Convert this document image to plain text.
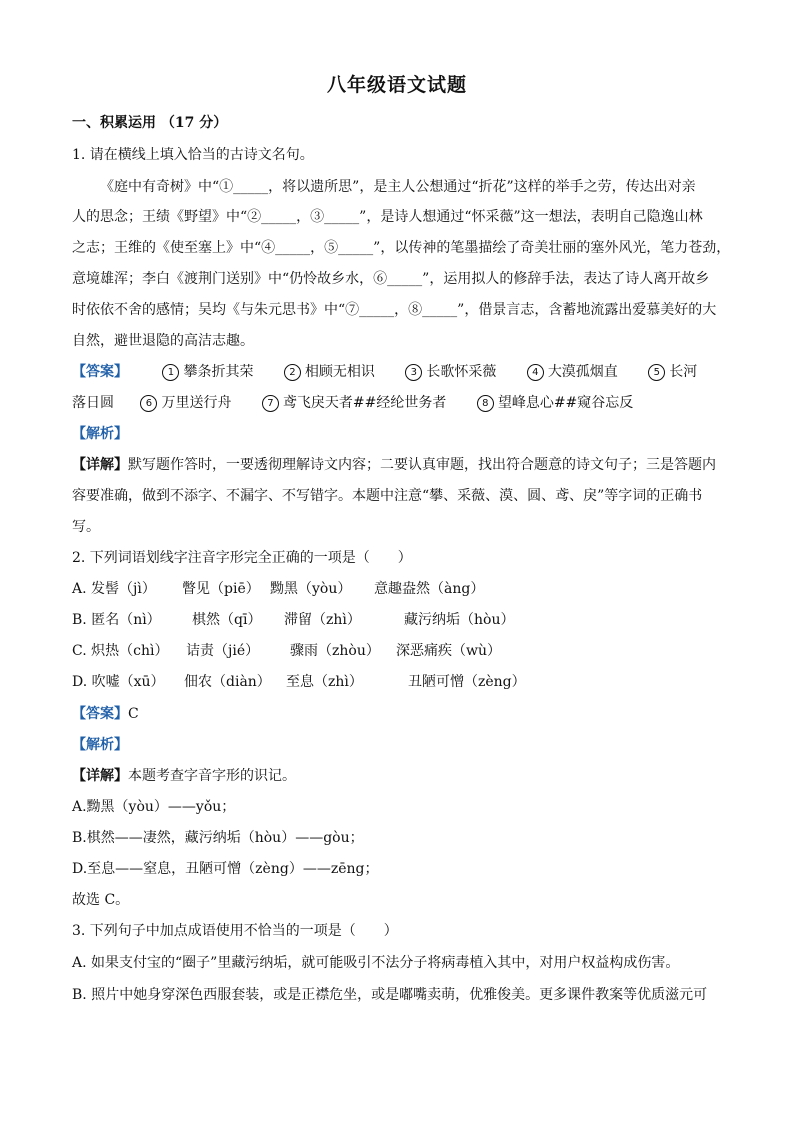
八年级语文试题
一、积累运用 （17 分）
1. 请在横线上填入恰当的古诗文名句。
《庭中有奇树》中“①_____，将以遗所思”，是主人公想通过“折花”这样的举手之劳，传达出对亲
人的思念；王绩《野望》中“②_____，③_____”，是诗人想通过“怀采薇”这一想法，表明自己隐逸山林
之志；王维的《使至塞上》中“④_____，⑤_____”，以传神的笔墨描绘了奇美壮丽的塞外风光，笔力苍劲，
意境雄浑；李白《渡荆门送别》中“仍怜故乡水，⑥_____”，运用拟人的修辞手法，表达了诗人离开故乡
时依依不舍的感情；吴均《与朱元思书》中“⑦_____，⑧_____”，借景言志，含蓄地流露出爱慕美好的大
自然，避世退隐的高洁志趣。
【答案】	1 攀条折其荣	2 相顾无相识	3 长歌怀采薇	4 大漠孤烟直	5 长河
落日圆	6 万里送行舟	7 鸢飞戾天者##经纶世务者	8 望峰息心##窥谷忘反
【解析】
【详解】默写题作答时，一要透彻理解诗文内容；二要认真审题，找出符合题意的诗文句子；三是答题内
容要准确，做到不添字、不漏字、不写错字。本题中注意“攀、采薇、漠、圆、鸢、戾”等字词的正确书
写。
2. 下列词语划线字注音字形完全正确的一项是（　　）
A. 发髻（jì） 瞥见（piē） 黝黑（yòu） 意趣盎然（àng）
B. 匿名（nì） 棋然（qī） 滞留（zhì）	藏污纳垢（hòu）
C. 炽热（chì） 诘责（jié） 骤雨（zhòu） 深恶痛疾（wù）
D. 吹嘘（xū） 佃农（diàn） 至息（zhì）	丑陋可憎（zèng）
【答案】C
【解析】
【详解】本题考查字音字形的识记。
A.黝黑（yòu）——yǒu；
B.棋然——凄然，藏污纳垢（hòu）——gòu；
D.至息——窒息，丑陋可憎（zèng）——zēng；
故选 C。
3. 下列句子中加点成语使用不恰当的一项是（　　）
A. 如果支付宝的“圈子”里藏污纳垢，就可能吸引不法分子将病毒植入其中，对用户权益构成伤害。
B. 照片中她身穿深色西服套装，或是正襟危坐，或是嘟嘴卖萌，优雅俊美。更多课件教案等优质滋元可
